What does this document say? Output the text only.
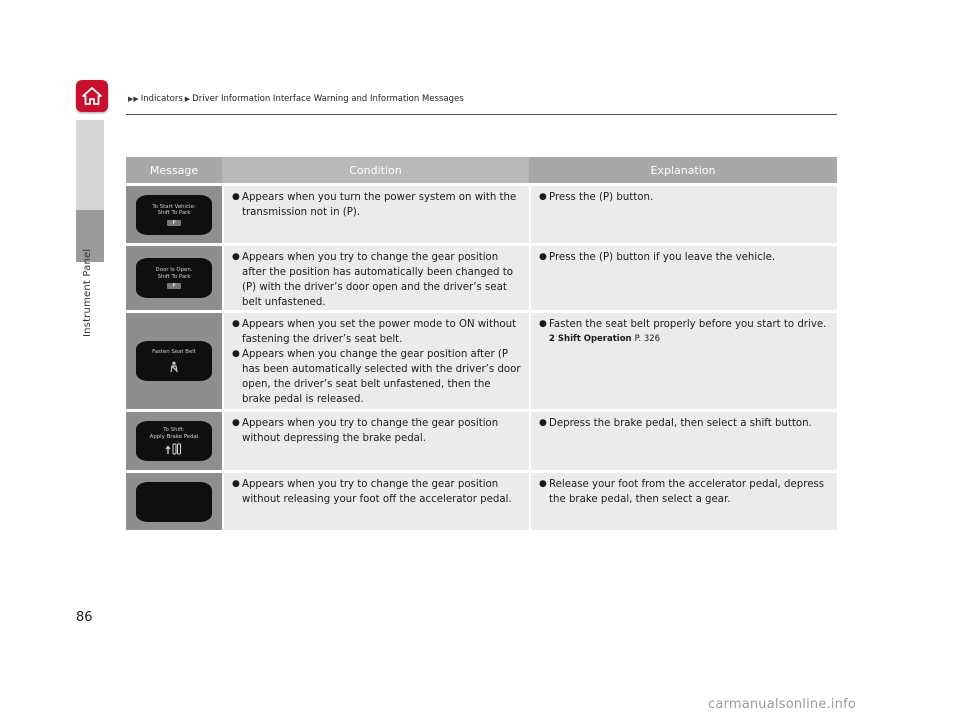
Instrument Panel
▶▶ Indicators ▶ Driver Information Interface Warning and Information Messages
Message	Condition	Explanation
To Start Vehicle:
Shift To Park
P
● Appears when you turn the power system on with the transmission not in (P).
● Press the (P) button.
Door Is Open.
Shift To Park
P
● Appears when you try to change the gear position after the position has automatically been changed to (P) with the driver’s door open and the driver’s seat belt unfastened.
● Press the (P) button if you leave the vehicle.
Fasten Seat Belt
● Appears when you set the power mode to ON without fastening the driver’s seat belt.
● Appears when you change the gear position after (P has been automatically selected with the driver’s door open, the driver’s seat belt unfastened, then the brake pedal is released.
● Fasten the seat belt properly before you start to drive.
2 Shift Operation P. 326
To Shift:
Apply Brake Pedal
● Appears when you try to change the gear position without depressing the brake pedal.
● Depress the brake pedal, then select a shift button.
● Appears when you try to change the gear position without releasing your foot off the accelerator pedal.
● Release your foot from the accelerator pedal, depress the brake pedal, then select a gear.
86
carmanualsonline.info
